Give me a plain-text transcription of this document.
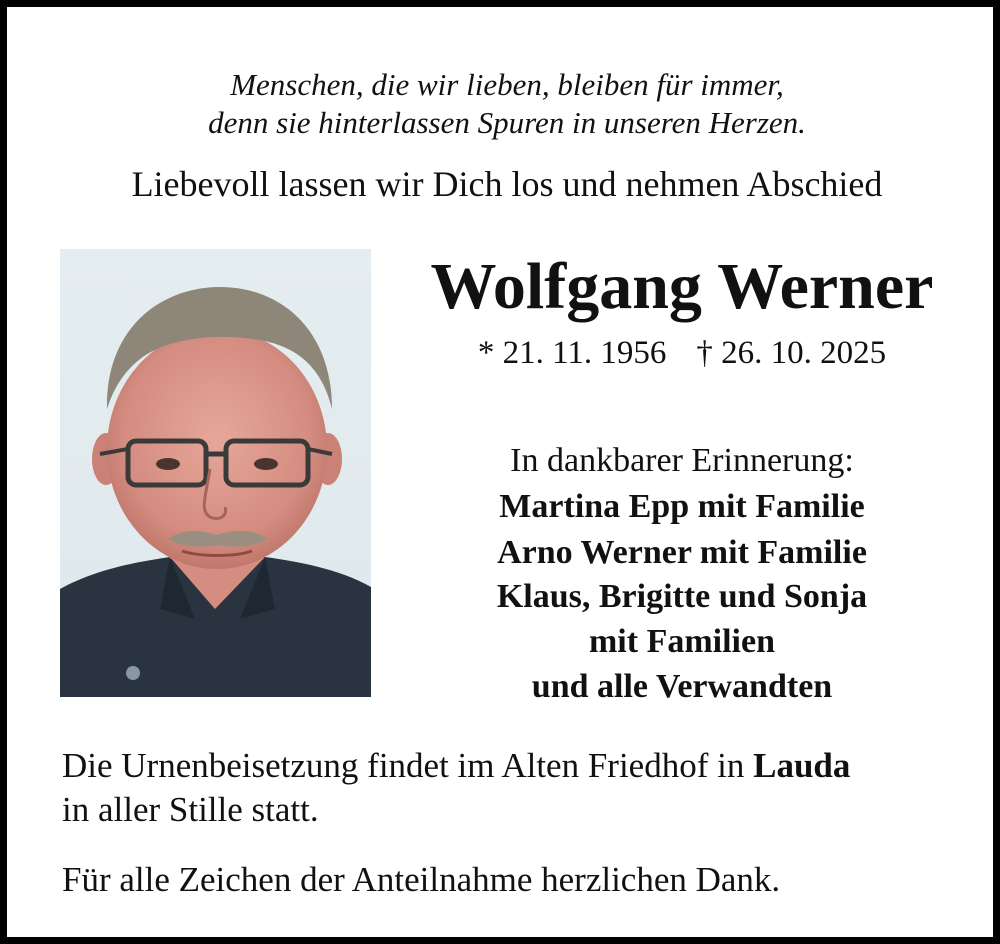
Menschen, die wir lieben, bleiben für immer,
denn sie hinterlassen Spuren in unseren Herzen.
Liebevoll lassen wir Dich los und nehmen Abschied
Wolfgang Werner
* 21. 11. 1956 † 26. 10. 2025
In dankbarer Erinnerung:
Martina Epp mit Familie
Arno Werner mit Familie
Klaus, Brigitte und Sonja
mit Familien
und alle Verwandten
Die Urnenbeisetzung findet im Alten Friedhof in Lauda
in aller Stille statt.
Für alle Zeichen der Anteilnahme herzlichen Dank.
